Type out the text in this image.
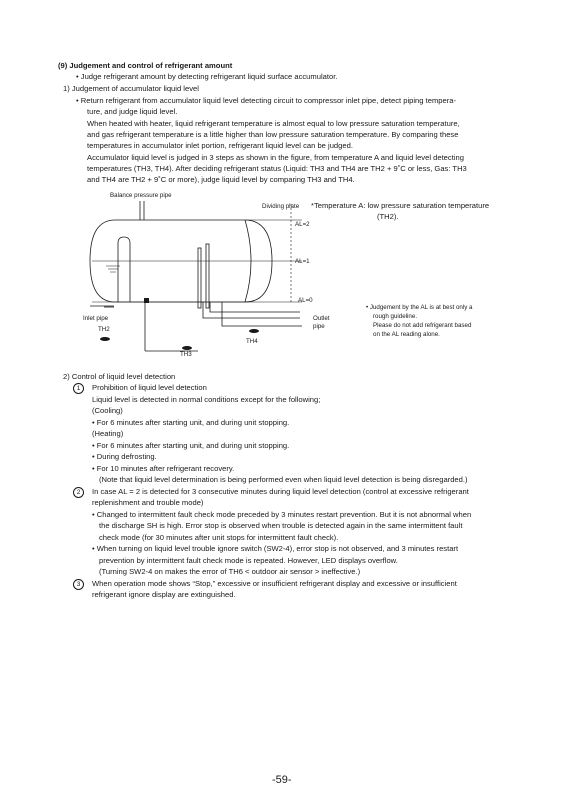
(9) Judgement and control of refrigerant amount
• Judge refrigerant amount by detecting refrigerant liquid surface accumulator.
1) Judgement of accumulator liquid level
• Return refrigerant from accumulator liquid level detecting circuit to compressor inlet pipe, detect piping tempera-
ture, and judge liquid level.
When heated with heater, liquid refrigerant temperature is almost equal to low pressure saturation temperature,
and gas refrigerant temperature is a little higher than low pressure saturation temperature. By comparing these
temperatures in accumulator inlet portion, refrigerant liquid level can be judged.
Accumulator liquid level is judged in 3 steps as shown in the figure, from temperature A and liquid level detecting
temperatures (TH3, TH4). After deciding refrigerant status (Liquid: TH3 and TH4 are TH2 + 9˚C or less, Gas: TH3
and TH4 are TH2 + 9˚C or more), judge liquid level by comparing TH3 and TH4.
Balance pressure pipe
Dividing plate
AL=2
AL=1
AL=0
Inlet pipe	Outlet
pipe
TH2
TH4
TH3
*Temperature A: low pressure saturation temperature
(TH2).
• Judgement by the AL is at best only a
rough guideline.
Please do not add refrigerant based
on the AL reading alone.
2) Control of liquid level detection
1	Prohibition of liquid level detection
Liquid level is detected in normal conditions except for the following;
(Cooling)
• For 6 minutes after starting unit, and during unit stopping.
(Heating)
• For 6 minutes after starting unit, and during unit stopping.
• During defrosting.
• For 10 minutes after refrigerant recovery.
(Note that liquid level determination is being performed even when liquid level detection is being disregarded.)
2	In case AL = 2 is detected for 3 consecutive minutes during liquid level detection (control at excessive refrigerant
replenishment and trouble mode)
• Changed to intermittent fault check mode preceded by 3 minutes restart prevention. But it is not abnormal when
the discharge SH is high. Error stop is observed when trouble is detected again in the same intermittent fault
check mode (for 30 minutes after unit stops for intermittent fault check).
• When turning on liquid level trouble ignore switch (SW2-4), error stop is not observed, and 3 minutes restart
prevention by intermittent fault check mode is repeated. However, LED displays overflow.
(Turning SW2-4 on makes the error of TH6 < outdoor air sensor > ineffective.)
3	When operation mode shows “Stop,” excessive or insufficient refrigerant display and excessive or insufficient
refrigerant ignore display are extinguished.
-59-
